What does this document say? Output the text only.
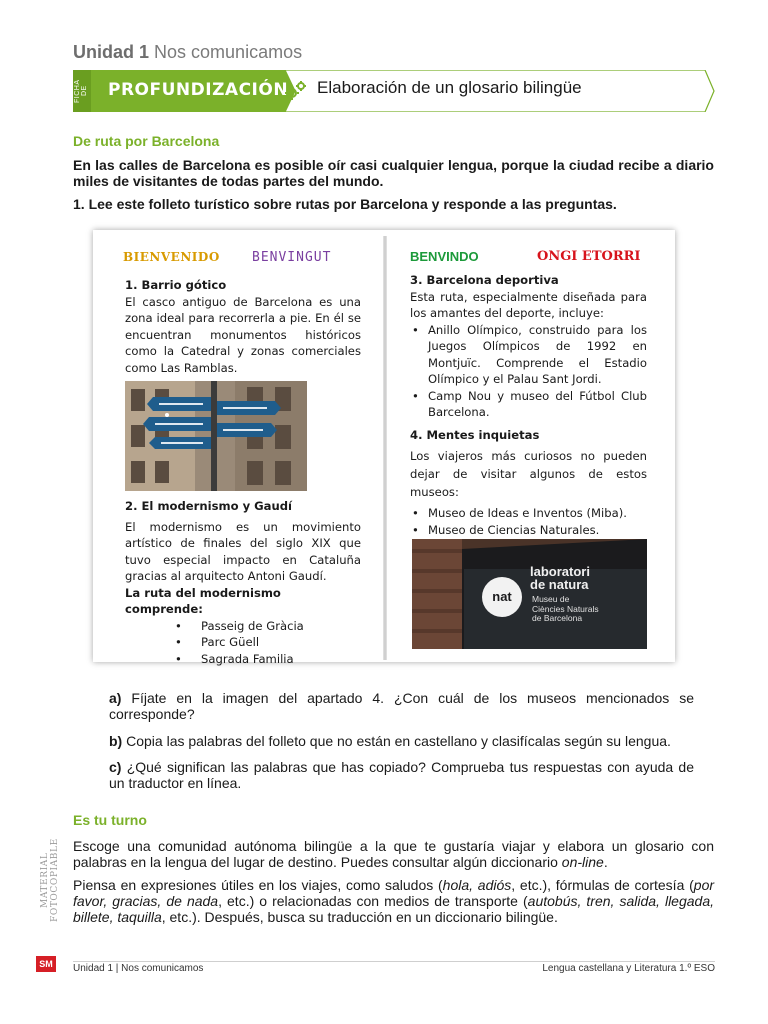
Unidad 1 Nos comunicamos
FICHA DE PROFUNDIZACIÓN Elaboración de un glosario bilingüe
De ruta por Barcelona
En las calles de Barcelona es posible oír casi cualquier lengua, porque la ciudad recibe a diario miles de visitantes de todas partes del mundo.
1. Lee este folleto turístico sobre rutas por Barcelona y responde a las preguntas.
BIENVENIDO BENVINGUT
1. Barrio gótico
El casco antiguo de Barcelona es una zona ideal para recorrerla a pie. En él se encuentran monumentos históricos como la Catedral y zonas comerciales como Las Ramblas.
2. El modernismo y Gaudí
El modernismo es un movimiento artístico de finales del siglo XIX que tuvo especial impacto en Cataluña gracias al arquitecto Antoni Gaudí.
La ruta del modernismo comprende:
• Passeig de Gràcia
• Parc Güell
• Sagrada Familia
BENVINDO	ONGI ETORRI
3. Barcelona deportiva
Esta ruta, especialmente diseñada para los amantes del deporte, incluye:
• Anillo Olímpico, construido para los Juegos Olímpicos de 1992 en Montjuïc. Comprende el Estadio Olímpico y el Palau Sant Jordi.
• Camp Nou y museo del Fútbol Club Barcelona.
4. Mentes inquietas
Los viajeros más curiosos no pueden dejar de visitar algunos de estos museos:
• Museo de Ideas e Inventos (Miba).
• Museo de Ciencias Naturales.
•
nat
laboratori
de natura
Museu de
Ciències Naturals
de Barcelona
a) Fíjate en la imagen del apartado 4. ¿Con cuál de los museos mencionados se corresponde?
b) Copia las palabras del folleto que no están en castellano y clasifícalas según su lengua.
c) ¿Qué significan las palabras que has copiado? Comprueba tus respuestas con ayuda de un traductor en línea.
Es tu turno
Escoge una comunidad autónoma bilingüe a la que te gustaría viajar y elabora un glosario con palabras en la lengua del lugar de destino. Puedes consultar algún diccionario on-line.
Piensa en expresiones útiles en los viajes, como saludos (hola, adiós, etc.), fórmulas de cortesía (por favor, gracias, de nada, etc.) o relacionadas con medios de transporte (autobús, tren, salida, llegada, billete, taquilla, etc.). Después, busca su traducción en un diccionario bilingüe.
MATERIAL FOTOCOPIABLE
SM	Unidad 1 | Nos comunicamos	Lengua castellana y Literatura 1.º ESO
